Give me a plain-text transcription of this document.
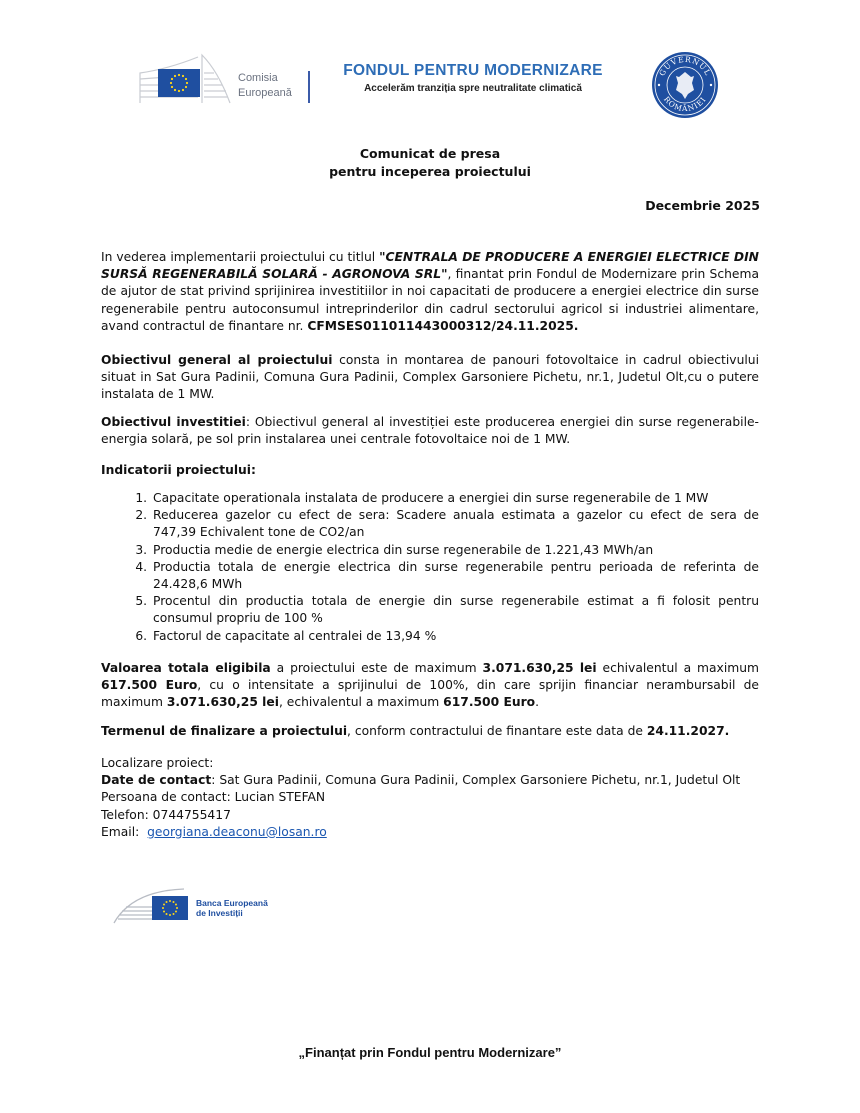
Comisia
Europeană
FONDUL PENTRU MODERNIZARE
Accelerăm tranziția spre neutralitate climatică
GUVERNUL
ROMÂNIEI
Comunicat de presa
pentru inceperea proiectului
Decembrie 2025
In vederea implementarii proiectului cu titlul "CENTRALA DE PRODUCERE A ENERGIEI ELECTRICE DIN SURSĂ REGENERABILĂ SOLARĂ - AGRONOVA SRL", finantat prin Fondul de Modernizare prin Schema de ajutor de stat privind sprijinirea investitiilor in noi capacitati de producere a energiei electrice din surse regenerabile pentru autoconsumul intreprinderilor din cadrul sectorului agricol si industriei alimentare, avand contractul de finantare nr. CFMSES011011443000312/24.11.2025.
Obiectivul general al proiectului consta in montarea de panouri fotovoltaice in cadrul obiectivului situat in Sat Gura Padinii, Comuna Gura Padinii, Complex Garsoniere Pichetu, nr.1, Judetul Olt,cu o putere instalata de 1 MW.
Obiectivul investitiei: Obiectivul general al investiției este producerea energiei din surse regenerabile-energia solară, pe sol prin instalarea unei centrale fotovoltaice noi de 1 MW.
Indicatorii proiectului:
1. Capacitate operationala instalata de producere a energiei din surse regenerabile de 1 MW
2. Reducerea gazelor cu efect de sera: Scadere anuala estimata a gazelor cu efect de sera de 747,39 Echivalent tone de CO2/an
3. Productia medie de energie electrica din surse regenerabile de 1.221,43 MWh/an
4. Productia totala de energie electrica din surse regenerabile pentru perioada de referinta de 24.428,6 MWh
5. Procentul din productia totala de energie din surse regenerabile estimat a fi folosit pentru consumul propriu de 100 %
6. Factorul de capacitate al centralei de 13,94 %
Valoarea totala eligibila a proiectului este de maximum 3.071.630,25 lei echivalentul a maximum 617.500 Euro, cu o intensitate a sprijinului de 100%, din care sprijin financiar nerambursabil de maximum 3.071.630,25 lei, echivalentul a maximum 617.500 Euro.
Termenul de finalizare a proiectului, conform contractului de finantare este data de 24.11.2027.
Localizare proiect:
Date de contact: Sat Gura Padinii, Comuna Gura Padinii, Complex Garsoniere Pichetu, nr.1, Judetul Olt
Persoana de contact: Lucian STEFAN
Telefon: 0744755417
Email:  georgiana.deaconu@losan.ro
Banca Europeană
de Investiții
„Finanțat prin Fondul pentru Modernizare”
